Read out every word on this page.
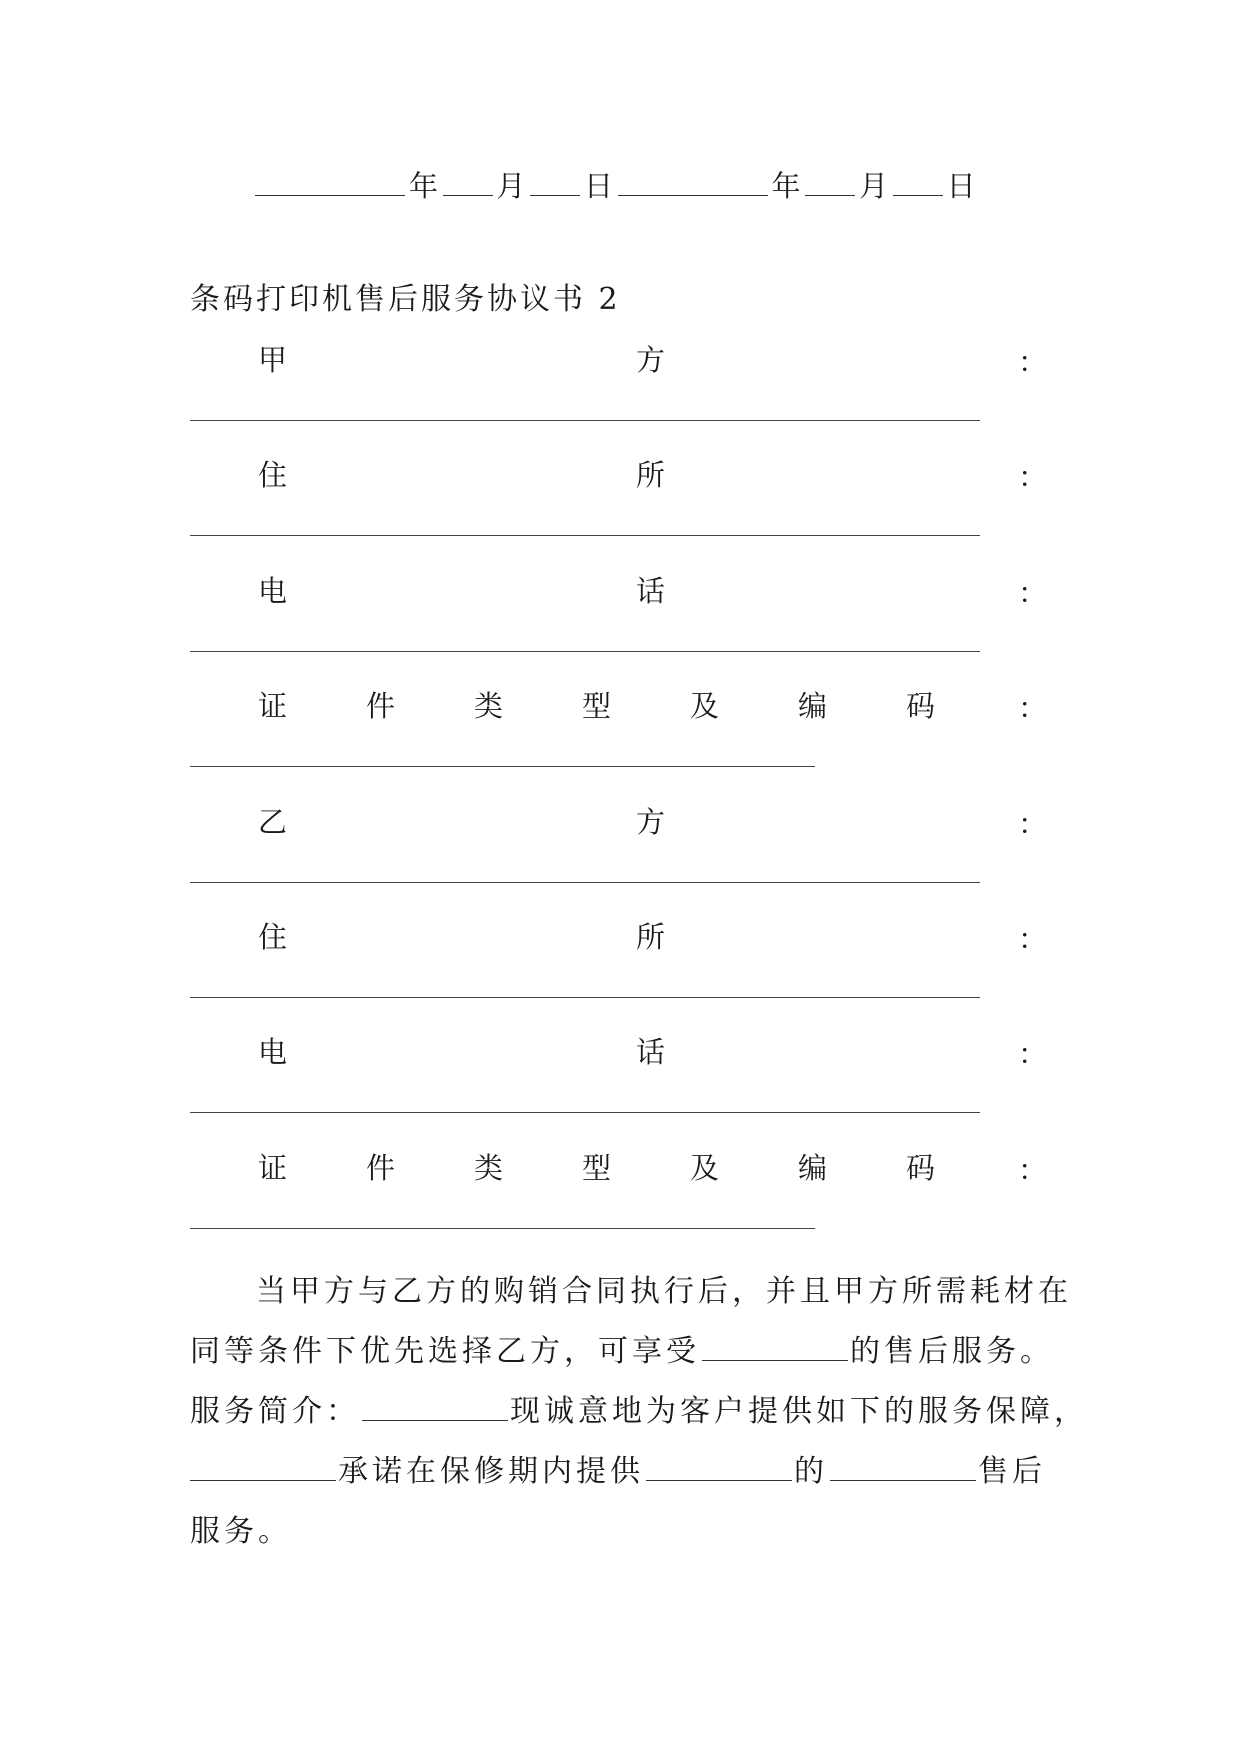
年 月 日	年 月 日
条码打印机售后服务协议书 2
甲	方	：
住	所	：
电	话	：
证	件	类	型	及	编	码	：
乙	方	：
住	所	：
电	话	：
证	件	类	型	及	编	码	：
当甲方与乙方的购销合同执行后，并且甲方所需耗材在
同等条件下优先选择乙方，可享受	的售后服务。
服务简介：	现诚意地为客户提供如下的服务保障，
承诺在保修期内提供	的	售后
服务。
